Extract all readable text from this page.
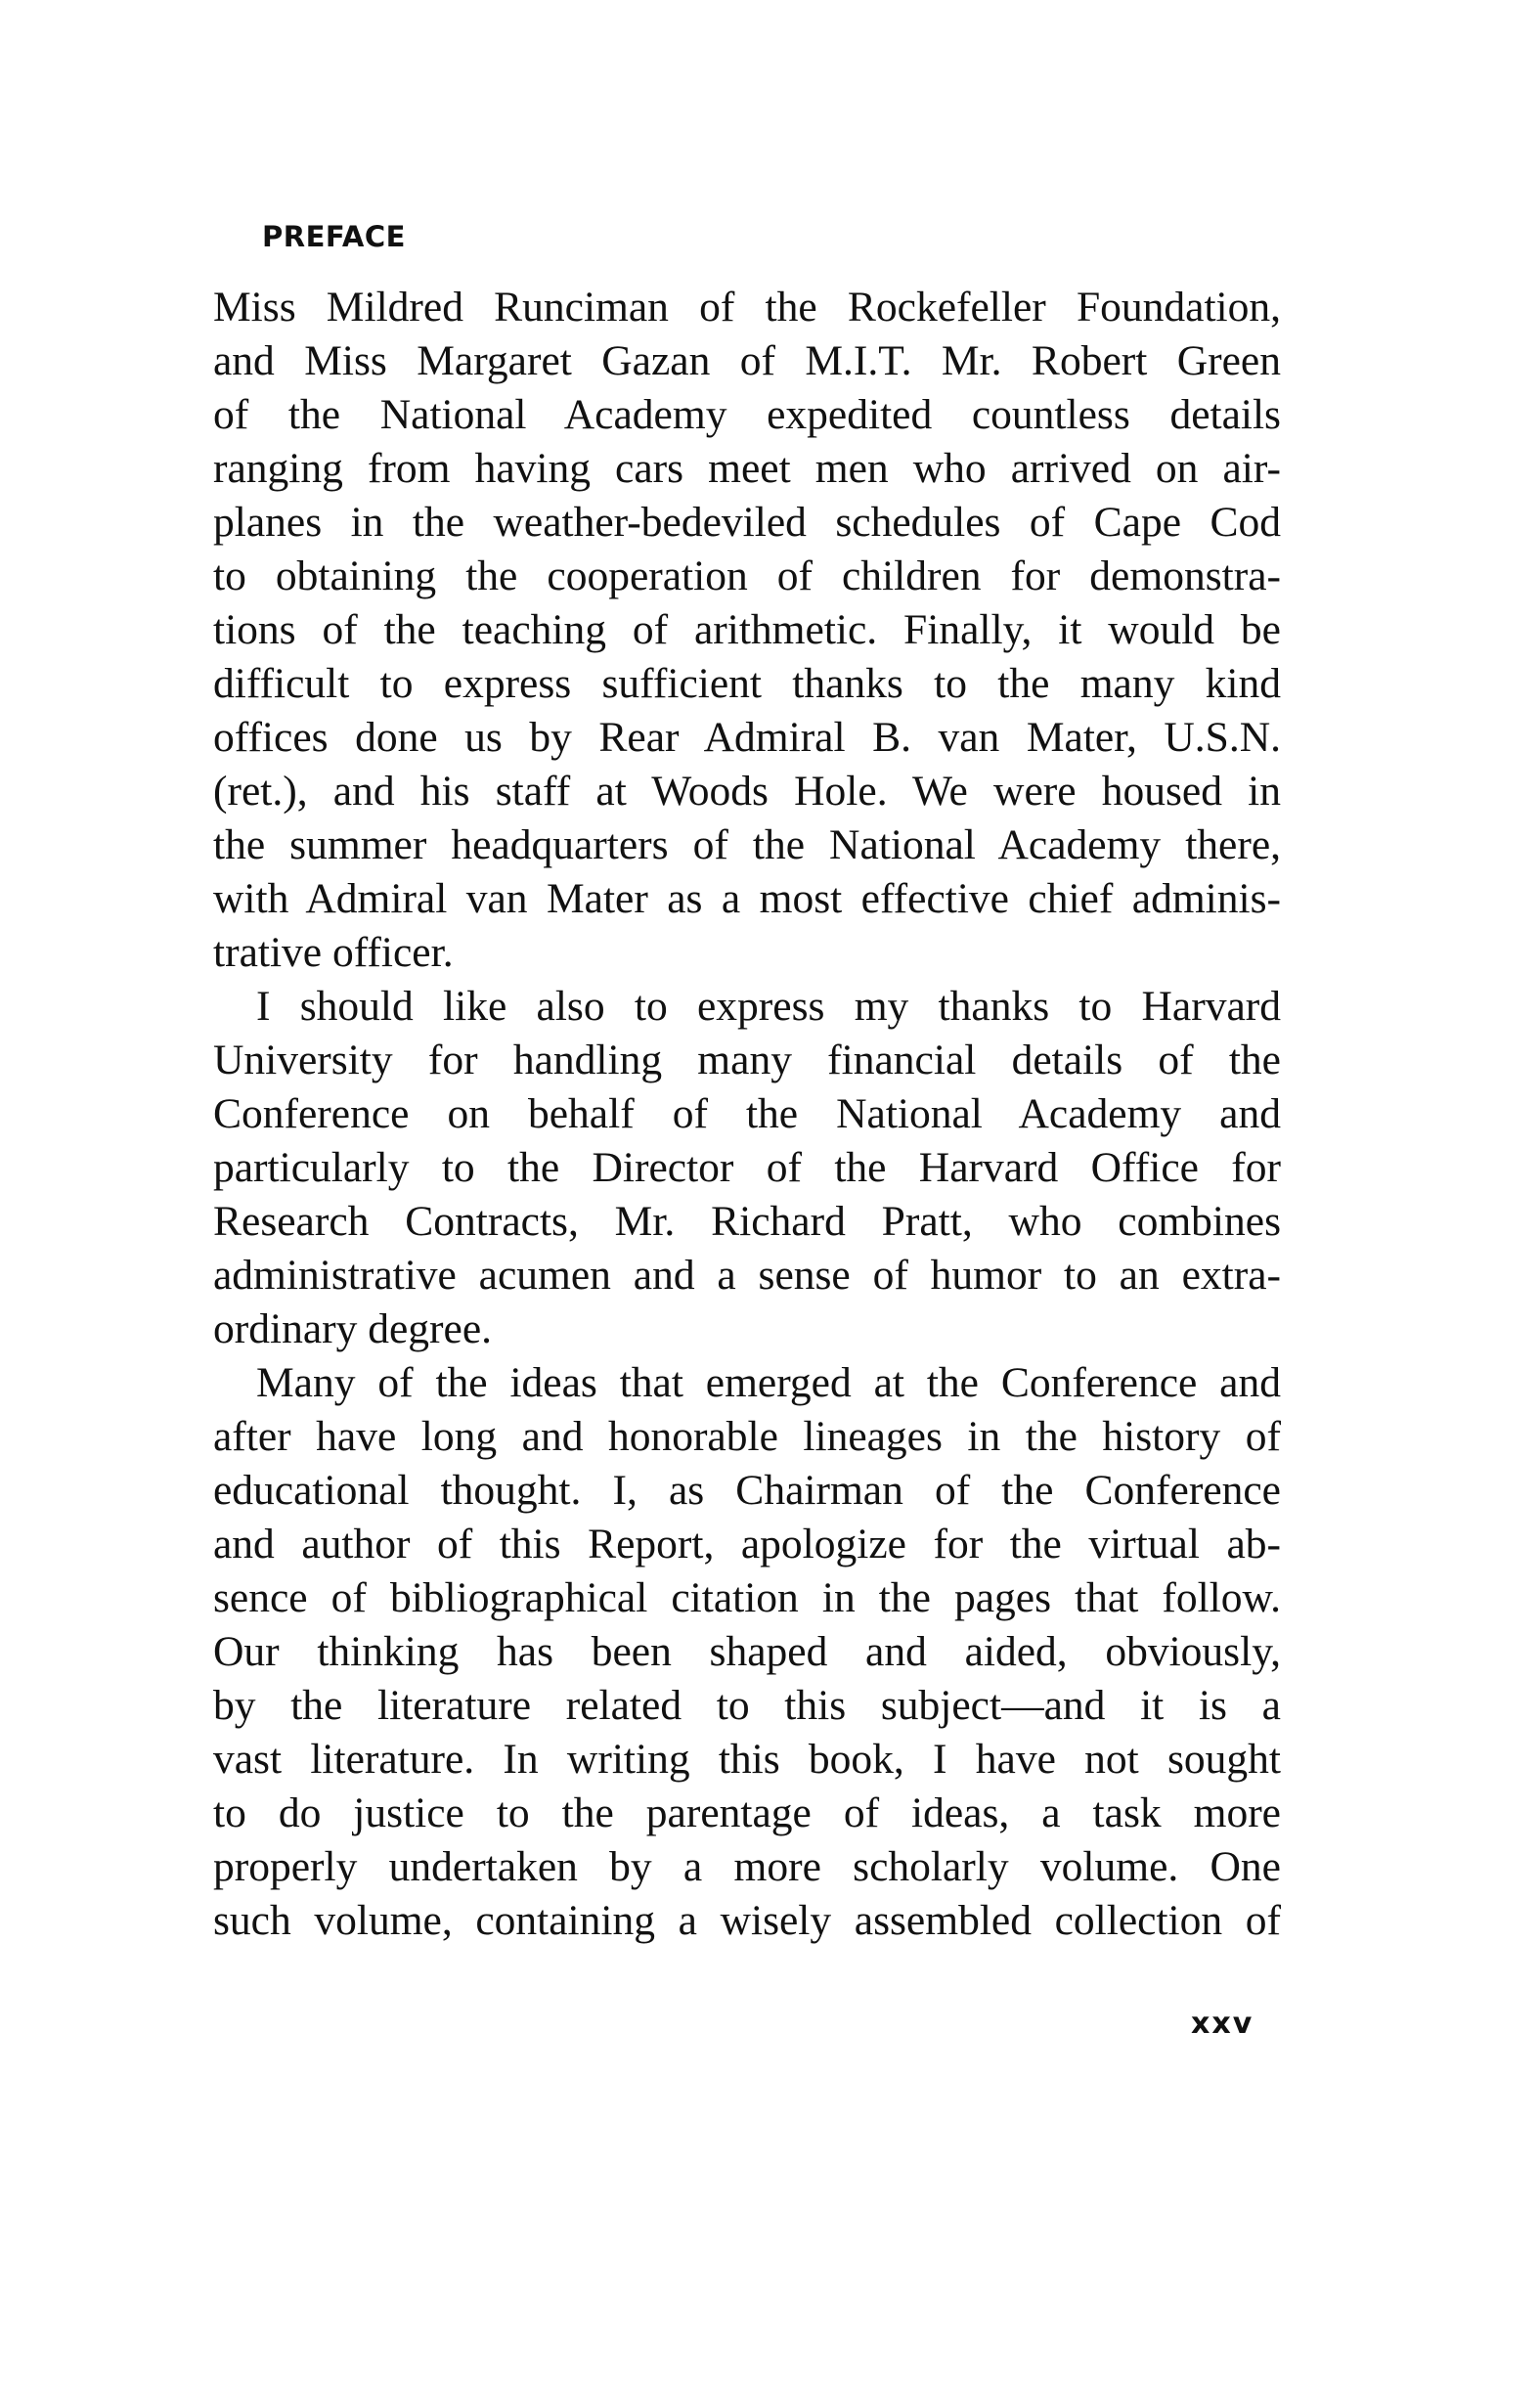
PREFACE
Miss Mildred Runciman of the Rockefeller Foundation,
and Miss Margaret Gazan of M.I.T. Mr. Robert Green
of the National Academy expedited countless details
ranging from having cars meet men who arrived on air-
planes in the weather-bedeviled schedules of Cape Cod
to obtaining the cooperation of children for demonstra-
tions of the teaching of arithmetic. Finally, it would be
difficult to express sufficient thanks to the many kind
offices done us by Rear Admiral B. van Mater, U.S.N.
(ret.), and his staff at Woods Hole. We were housed in
the summer headquarters of the National Academy there,
with Admiral van Mater as a most effective chief adminis-
trative officer.
I should like also to express my thanks to Harvard
University for handling many financial details of the
Conference on behalf of the National Academy and
particularly to the Director of the Harvard Office for
Research Contracts, Mr. Richard Pratt, who combines
administrative acumen and a sense of humor to an extra-
ordinary degree.
Many of the ideas that emerged at the Conference and
after have long and honorable lineages in the history of
educational thought. I, as Chairman of the Conference
and author of this Report, apologize for the virtual ab-
sence of bibliographical citation in the pages that follow.
Our thinking has been shaped and aided, obviously,
by the literature related to this subject—and it is a
vast literature. In writing this book, I have not sought
to do justice to the parentage of ideas, a task more
properly undertaken by a more scholarly volume. One
such volume, containing a wisely assembled collection of
xxv
